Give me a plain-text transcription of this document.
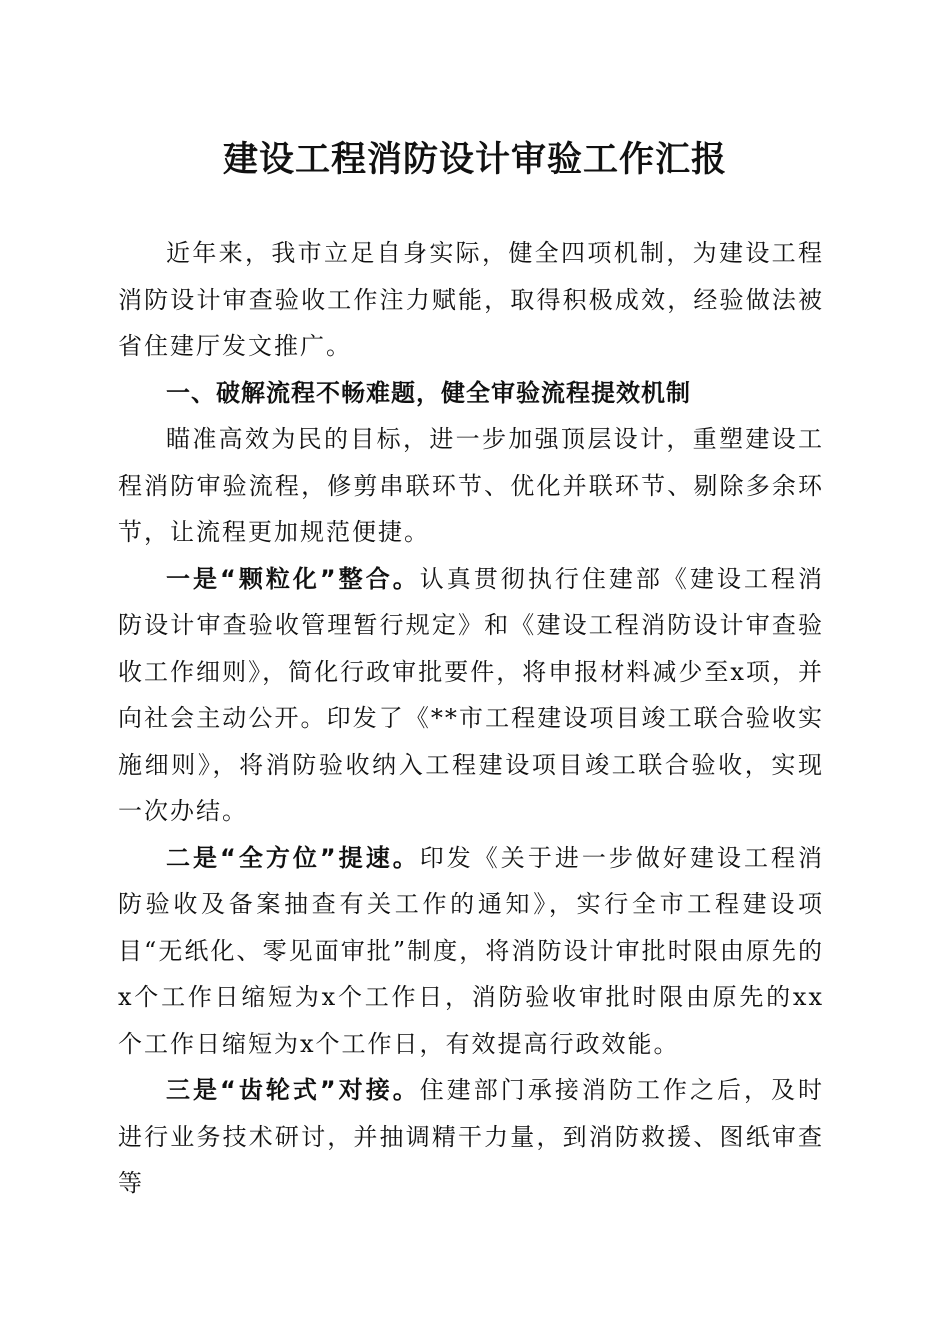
建设工程消防设计审验工作汇报

近年来，我市立足自身实际，健全四项机制，为建设工程消防设计审查验收工作注力赋能，取得积极成效，经验做法被省住建厅发文推广。

一、破解流程不畅难题，健全审验流程提效机制

瞄准高效为民的目标，进一步加强顶层设计，重塑建设工程消防审验流程，修剪串联环节、优化并联环节、剔除多余环节，让流程更加规范便捷。

一是“颗粒化”整合。认真贯彻执行住建部《建设工程消防设计审查验收管理暂行规定》和《建设工程消防设计审查验收工作细则》，简化行政审批要件，将申报材料减少至x项，并向社会主动公开。印发了《**市工程建设项目竣工联合验收实施细则》，将消防验收纳入工程建设项目竣工联合验收，实现一次办结。

二是“全方位”提速。印发《关于进一步做好建设工程消防验收及备案抽查有关工作的通知》，实行全市工程建设项目“无纸化、零见面审批”制度，将消防设计审批时限由原先的x个工作日缩短为x个工作日，消防验收审批时限由原先的xx个工作日缩短为x个工作日，有效提高行政效能。

三是“齿轮式”对接。住建部门承接消防工作之后，及时进行业务技术研讨，并抽调精干力量，到消防救援、图纸审查等
